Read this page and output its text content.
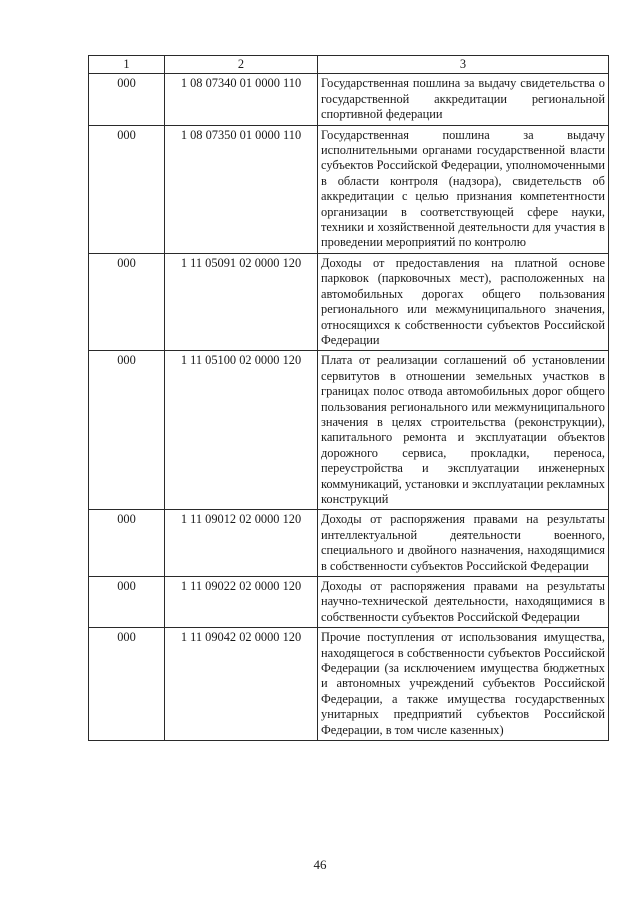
1	2	3
000	1 08 07340 01 0000 110	Государственная пошлина за выдачу свидетельства о государственной аккредитации региональной спортивной федерации
000	1 08 07350 01 0000 110	Государственная пошлина за выдачу исполнительными органами государственной власти субъектов Российской Федерации, уполномоченными в области контроля (надзора), свидетельств об аккредитации с целью признания компетентности организации в соответствующей сфере науки, техники и хозяйственной деятельности для участия в проведении мероприятий по контролю
000	1 11 05091 02 0000 120	Доходы от предоставления на платной основе парковок (парковочных мест), расположенных на автомобильных дорогах общего пользования регионального или межмуниципального значения, относящихся к собственности субъектов Российской Федерации
000	1 11 05100 02 0000 120	Плата от реализации соглашений об установлении сервитутов в отношении земельных участков в границах полос отвода автомобильных дорог общего пользования регионального или межмуниципального значения в целях строительства (реконструкции), капитального ремонта и эксплуатации объектов дорожного сервиса, прокладки, переноса, переустройства и эксплуатации инженерных коммуникаций, установки и эксплуатации рекламных конструкций
000	1 11 09012 02 0000 120	Доходы от распоряжения правами на результаты интеллектуальной деятельности военного, специального и двойного назначения, находящимися в собственности субъектов Российской Федерации
000	1 11 09022 02 0000 120	Доходы от распоряжения правами на результаты научно-технической деятельности, находящимися в собственности субъектов Российской Федерации
000	1 11 09042 02 0000 120	Прочие поступления от использования имущества, находящегося в собственности субъектов Российской Федерации (за исключением имущества бюджетных и автономных учреждений субъектов Российской Федерации, а также имущества государственных унитарных предприятий субъектов Российской Федерации, в том числе казенных)
46
